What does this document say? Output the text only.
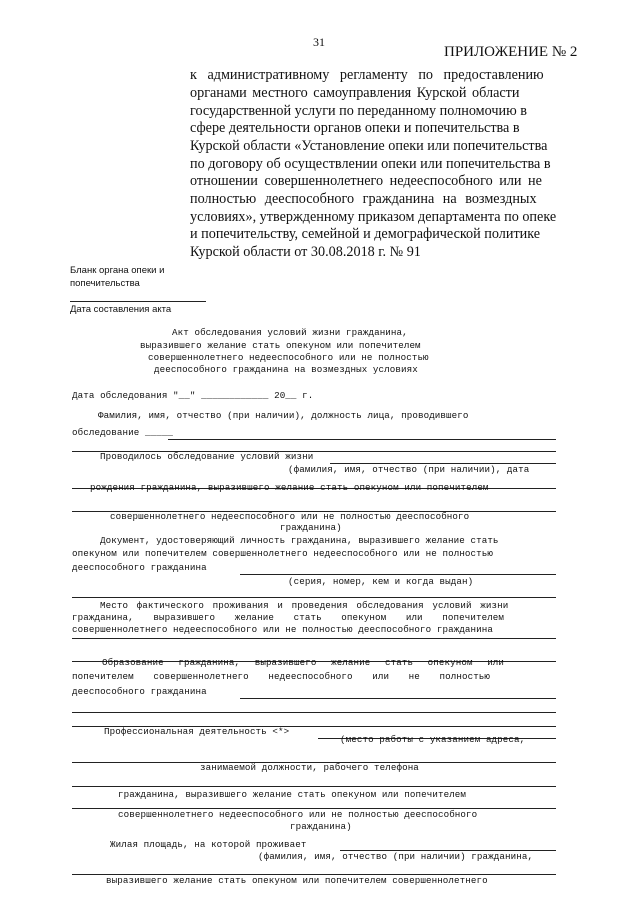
31
ПРИЛОЖЕНИЕ № 2
к административному регламенту по предоставлению
органами местного самоуправления Курской области
государственной услуги по переданному полномочию в
сфере деятельности органов опеки и попечительства в
Курской области «Установление опеки или попечительства
по договору об осуществлении опеки или попечительства в
отношении совершеннолетнего недееспособного или не
полностью дееспособного гражданина на возмездных
условиях», утвержденному приказом департамента по опеке
и попечительству, семейной и демографической политике
Курской области от 30.08.2018 г. № 91
Бланк органа опеки и
попечительства
Дата составления акта
Акт обследования условий жизни гражданина,
выразившего желание стать опекуном или попечителем
совершеннолетнего недееспособного или не полностью
дееспособного гражданина на возмездных условиях
Дата обследования "__" ____________ 20__ г.
Фамилия, имя, отчество (при наличии), должность лица, проводившего
обследование _____
Проводилось обследование условий жизни
(фамилия, имя, отчество (при наличии), дата
рождения гражданина, выразившего желание стать опекуном или попечителем
совершеннолетнего недееспособного или не полностью дееспособного
гражданина)
Документ, удостоверяющий личность гражданина, выразившего желание стать
опекуном или попечителем совершеннолетнего недееспособного или не полностью
дееспособного гражданина
(серия, номер, кем и когда выдан)
Место фактического проживания и проведения обследования условий жизни
гражданина, выразившего желание стать опекуном или попечителем
совершеннолетнего недееспособного или не полностью дееспособного гражданина
Образование гражданина, выразившего желание стать опекуном или
попечителем совершеннолетнего недееспособного или не полностью
дееспособного гражданина
Профессиональная деятельность <*>
(место работы с указанием адреса,
занимаемой должности, рабочего телефона
гражданина, выразившего желание стать опекуном или попечителем
совершеннолетнего недееспособного или не полностью дееспособного
гражданина)
Жилая площадь, на которой проживает
(фамилия, имя, отчество (при наличии) гражданина,
выразившего желание стать опекуном или попечителем совершеннолетнего
